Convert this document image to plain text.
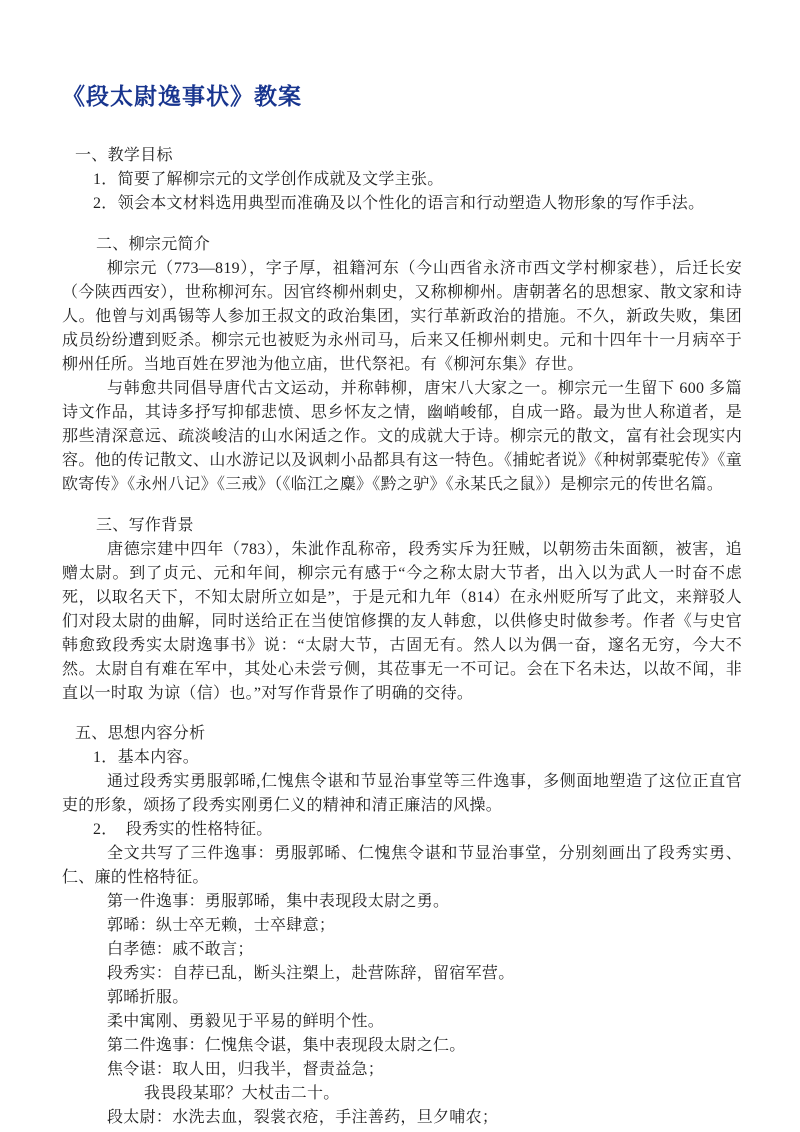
《段太尉逸事状》教案

一、教学目标

1．简要了解柳宗元的文学创作成就及文学主张。

2．领会本文材料选用典型而准确及以个性化的语言和行动塑造人物形象的写作手法。

二、柳宗元简介

柳宗元（773—819），字子厚，祖籍河东（今山西省永济市西文学村柳家巷），后迁长安（今陕西西安），世称柳河东。因官终柳州刺史，又称柳柳州。唐朝著名的思想家、散文家和诗人。他曾与刘禹锡等人参加王叔文的政治集团，实行革新政治的措施。不久，新政失败，集团成员纷纷遭到贬杀。柳宗元也被贬为永州司马，后来又任柳州刺史。元和十四年十一月病卒于柳州任所。当地百姓在罗池为他立庙，世代祭祀。有《柳河东集》存世。

与韩愈共同倡导唐代古文运动，并称韩柳，唐宋八大家之一。柳宗元一生留下 600 多篇诗文作品，其诗多抒写抑郁悲愤、思乡怀友之情，幽峭峻郁，自成一路。最为世人称道者，是那些清深意远、疏淡峻洁的山水闲适之作。文的成就大于诗。柳宗元的散文，富有社会现实内容。他的传记散文、山水游记以及讽刺小品都具有这一特色。《捕蛇者说》《种树郭橐驼传》《童欧寄传》《永州八记》《三戒》（《临江之麋》《黔之驴》《永某氏之鼠》）是柳宗元的传世名篇。

三、写作背景

唐德宗建中四年（783），朱泚作乱称帝，段秀实斥为狂贼，以朝笏击朱面额，被害，追赠太尉。到了贞元、元和年间，柳宗元有感于“今之称太尉大节者，出入以为武人一时奋不虑死，以取名天下，不知太尉所立如是”，于是元和九年（814）在永州贬所写了此文，来辩驳人们对段太尉的曲解，同时送给正在当使馆修撰的友人韩愈，以供修史时做参考。作者《与史官韩愈致段秀实太尉逸事书》说：“太尉大节，古固无有。然人以为偶一奋，邃名无穷，今大不然。太尉自有难在军中，其处心未尝亏侧，其莅事无一不可记。会在下名未达，以故不闻，非直以一时取 为谅（信）也。”对写作背景作了明确的交待。

五、思想内容分析

1．基本内容。

通过段秀实勇服郭晞,仁愧焦令谌和节显治事堂等三件逸事，多侧面地塑造了这位正直官吏的形象，颂扬了段秀实刚勇仁义的精神和清正廉洁的风操。

2．　段秀实的性格特征。

全文共写了三件逸事：勇服郭晞、仁愧焦令谌和节显治事堂，分别刻画出了段秀实勇、仁、廉的性格特征。

第一件逸事：勇服郭晞，集中表现段太尉之勇。

郭晞：纵士卒无赖，士卒肆意；

白孝德：戚不敢言；

段秀实：自荐已乱，断头注槊上，赴营陈辞，留宿军营。

郭晞折服。

柔中寓刚、勇毅见于平易的鲜明个性。

第二件逸事：仁愧焦令谌，集中表现段太尉之仁。

焦令谌：取人田，归我半，督责益急；

我畏段某耶？大杖击二十。

段太尉：水洗去血，裂裳衣疮，手注善药，旦夕哺农；
